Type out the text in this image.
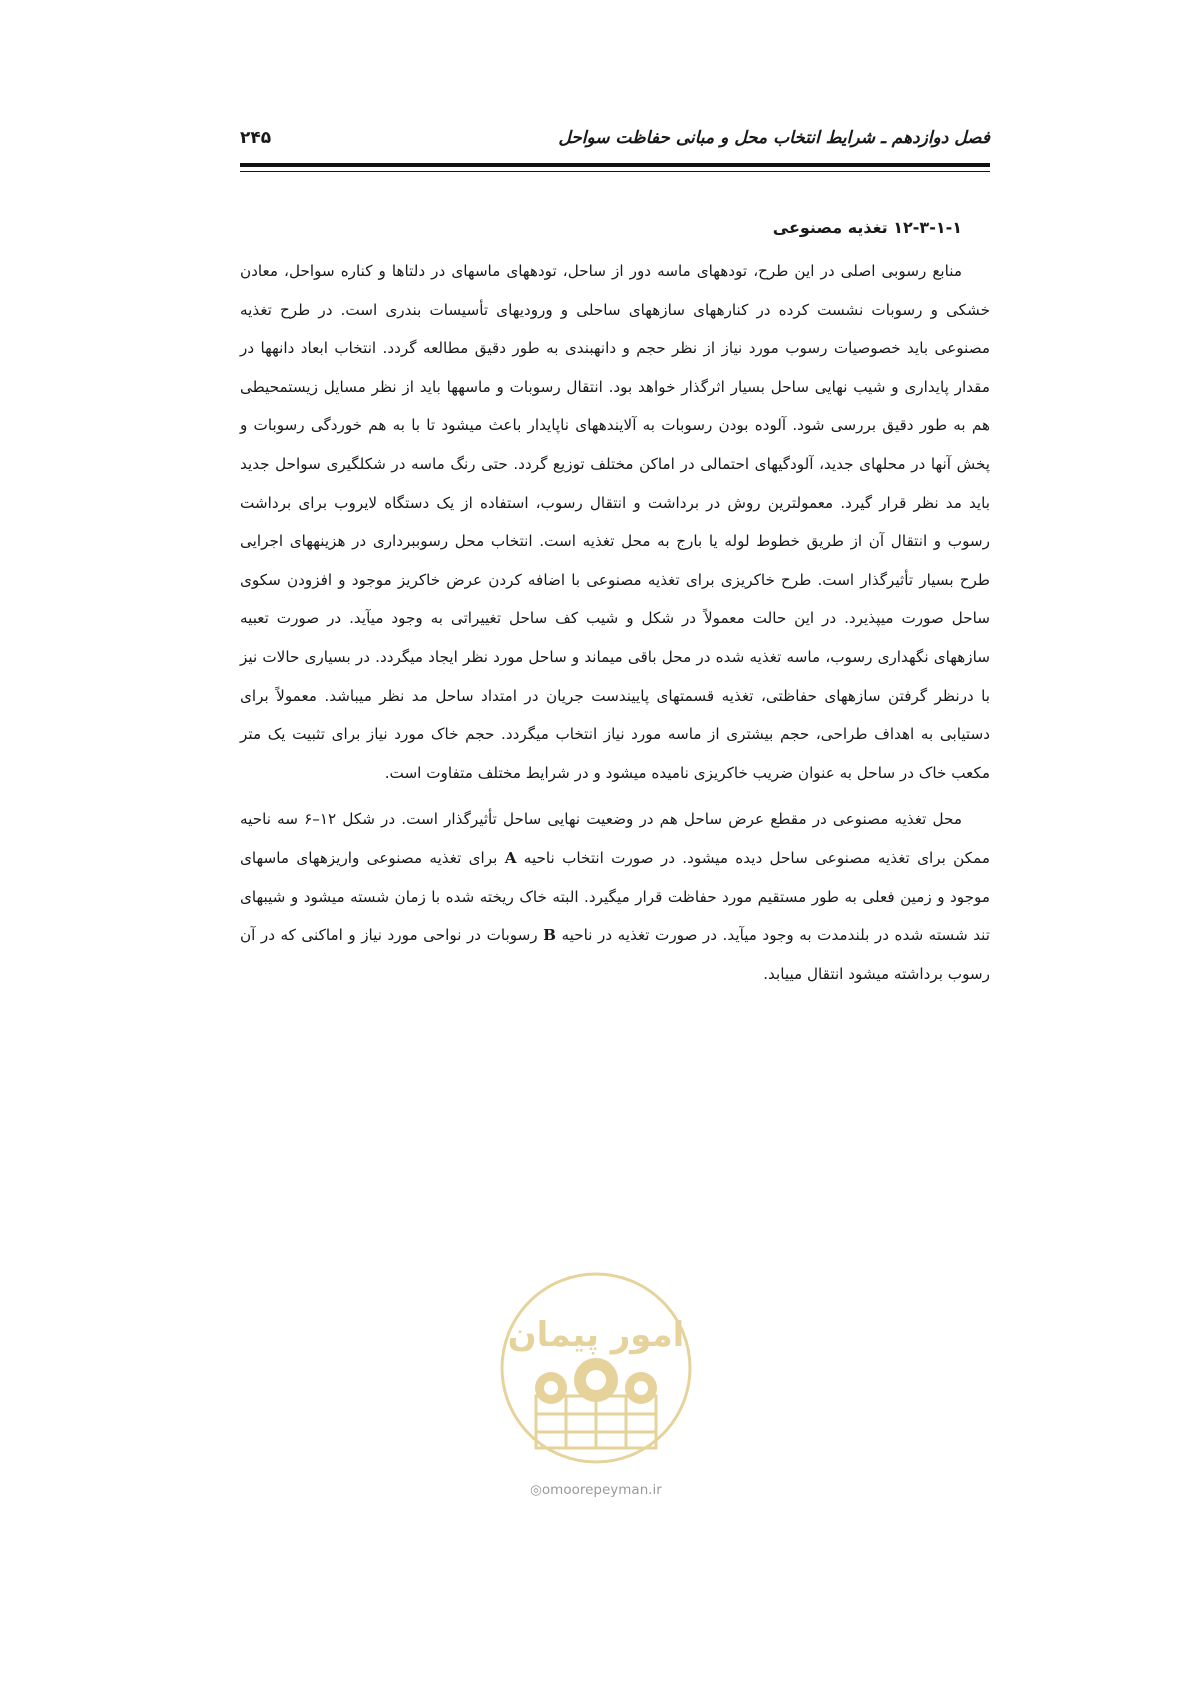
فصل دوازدهم ـ شرایط انتخاب محل و مبانی حفاظت سواحل
۲۴۵
۱۲-۳-۱-۱ تغذیه مصنوعی

منابع رسوبی اصلی در این طرح، تودههای ماسه دور از ساحل، تودههای ماسهای در دلتاها و کناره سواحل، معادن خشکی و رسوبات نشست کرده در کنارههای سازههای ساحلی و ورودیهای تأسیسات بندری است. در طرح تغذیه مصنوعی باید خصوصیات رسوب مورد نیاز از نظر حجم و دانهبندی به طور دقیق مطالعه گردد. انتخاب ابعاد دانهها در مقدار پایداری و شیب نهایی ساحل بسیار اثرگذار خواهد بود. انتقال رسوبات و ماسهها باید از نظر مسایل زیستمحیطی هم به طور دقیق بررسی شود. آلوده بودن رسوبات به آلایندههای ناپایدار باعث میشود تا با به هم خوردگی رسوبات و پخش آنها در محلهای جدید، آلودگیهای احتمالی در اماکن مختلف توزیع گردد. حتی رنگ ماسه در شکلگیری سواحل جدید باید مد نظر قرار گیرد. معمولترین روش در برداشت و انتقال رسوب، استفاده از یک دستگاه لایروب برای برداشت رسوب و انتقال آن از طریق خطوط لوله یا بارج به محل تغذیه است. انتخاب محل رسوببرداری در هزینههای اجرایی طرح بسیار تأثیرگذار است. طرح خاکریزی برای تغذیه مصنوعی با اضافه کردن عرض خاکریز موجود و افزودن سکوی ساحل صورت میپذیرد. در این حالت معمولاً در شکل و شیب کف ساحل تغییراتی به وجود میآید. در صورت تعبیه سازههای نگهداری رسوب، ماسه تغذیه شده در محل باقی میماند و ساحل مورد نظر ایجاد میگردد. در بسیاری حالات نیز با درنظر گرفتن سازههای حفاظتی، تغذیه قسمتهای پاییندست جریان در امتداد ساحل مد نظر میباشد. معمولاً برای دستیابی به اهداف طراحی، حجم بیشتری از ماسه مورد نیاز انتخاب میگردد. حجم خاک مورد نیاز برای تثبیت یک متر مکعب خاک در ساحل به عنوان ضریب خاکریزی نامیده میشود و در شرایط مختلف متفاوت است.

محل تغذیه مصنوعی در مقطع عرض ساحل هم در وضعیت نهایی ساحل تأثیرگذار است. در شکل ۱۲–۶ سه ناحیه ممکن برای تغذیه مصنوعی ساحل دیده میشود. در صورت انتخاب ناحیه A برای تغذیه مصنوعی واریزههای ماسهای موجود و زمین فعلی به طور مستقیم مورد حفاظت قرار میگیرد. البته خاک ریخته شده با زمان شسته میشود و شیبهای تند شسته شده در بلندمدت به وجود میآید. در صورت تغذیه در ناحیه B رسوبات در نواحی مورد نیاز و اماکنی که در آن رسوب برداشته میشود انتقال مییابد.

امور پیمان
◎omoorepeyman.ir
